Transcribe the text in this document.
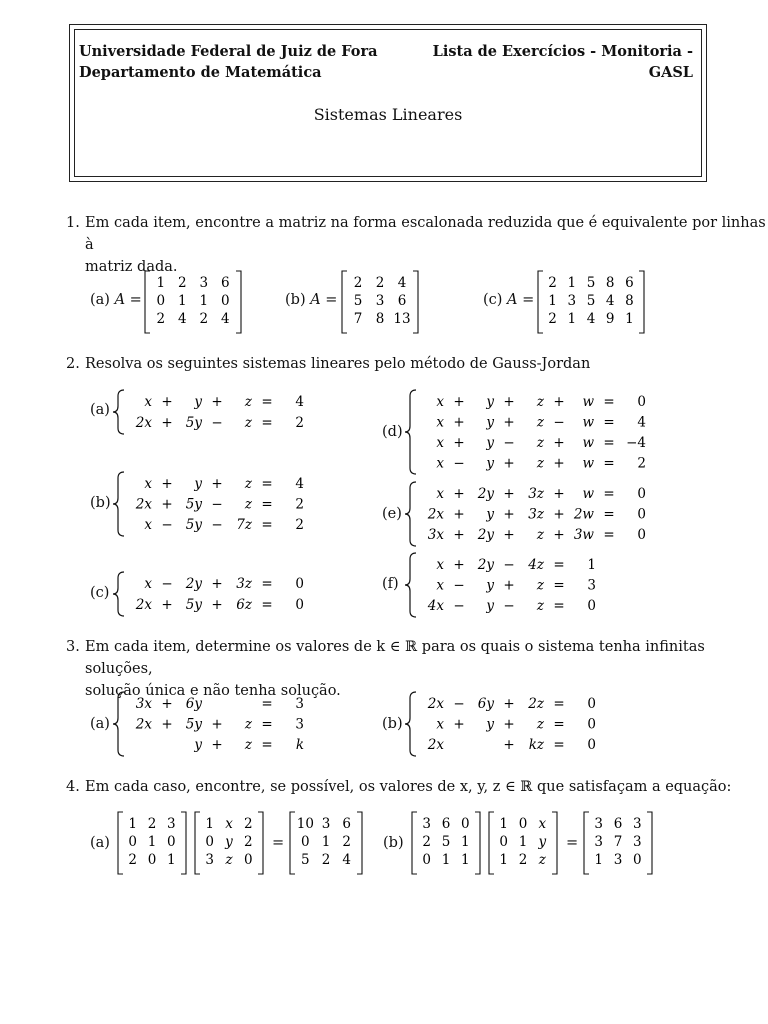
Universidade Federal de Juiz de Fora
Departamento de Matemática
Lista de Exercícios - Monitoria -
GASL
Sistemas Lineares
1. Em cada item, encontre a matriz na forma escalonada reduzida que é equivalente por linhas à
matriz dada.
(a) A =
1 2 3 6
0 1 1 0
2 4 2 4
(b) A =
2 2 4
5 3 6
7 8 13
(c) A =
2 1 5 8 6
1 3 5 4 8
2 1 4 9 1
2. Resolva os seguintes sistemas lineares pelo método de Gauss-Jordan
(a)	x + y + z = 4
2x + 5y − z = 2
(d)
x + y + z + w = 0
x + y + z − w = 4
x + y − z + w = −4
x − y + z + w = 2
(b)
x + y + z = 4
2x + 5y − z = 2
x − 5y − 7z = 2
(e)
x + 2y + 3z + w = 0
2x + y + 3z + 2w = 0
3x + 2y + z + 3w = 0
(c)
x − 2y + 3z = 0
2x + 5y + 6z = 0
(f)
x + 2y − 4z = 1
x − y + z = 3
4x − y − z = 0
3. Em cada item, determine os valores de k ∈ ℝ para os quais o sistema tenha infinitas soluções,
solução única e não tenha solução.
(a)
3x + 6y	= 3
2x + 5y + z = 3
y + z = k
(b)
2x − 6y + 2z = 0
x + y + z = 0
2x	+ kz = 0
4. Em cada caso, encontre, se possível, os valores de x, y, z ∈ ℝ que satisfaçam a equação:
(a)
1 2 3
0 1 0
2 0 1
1 x 2
0 y 2
3 z 0
=
10 3 6
0 1 2
5 2 4
(b)
3 6 0
2 5 1
0 1 1
1 0 x
0 1 y
1 2 z
=
3 6 3
3 7 3
1 3 0
